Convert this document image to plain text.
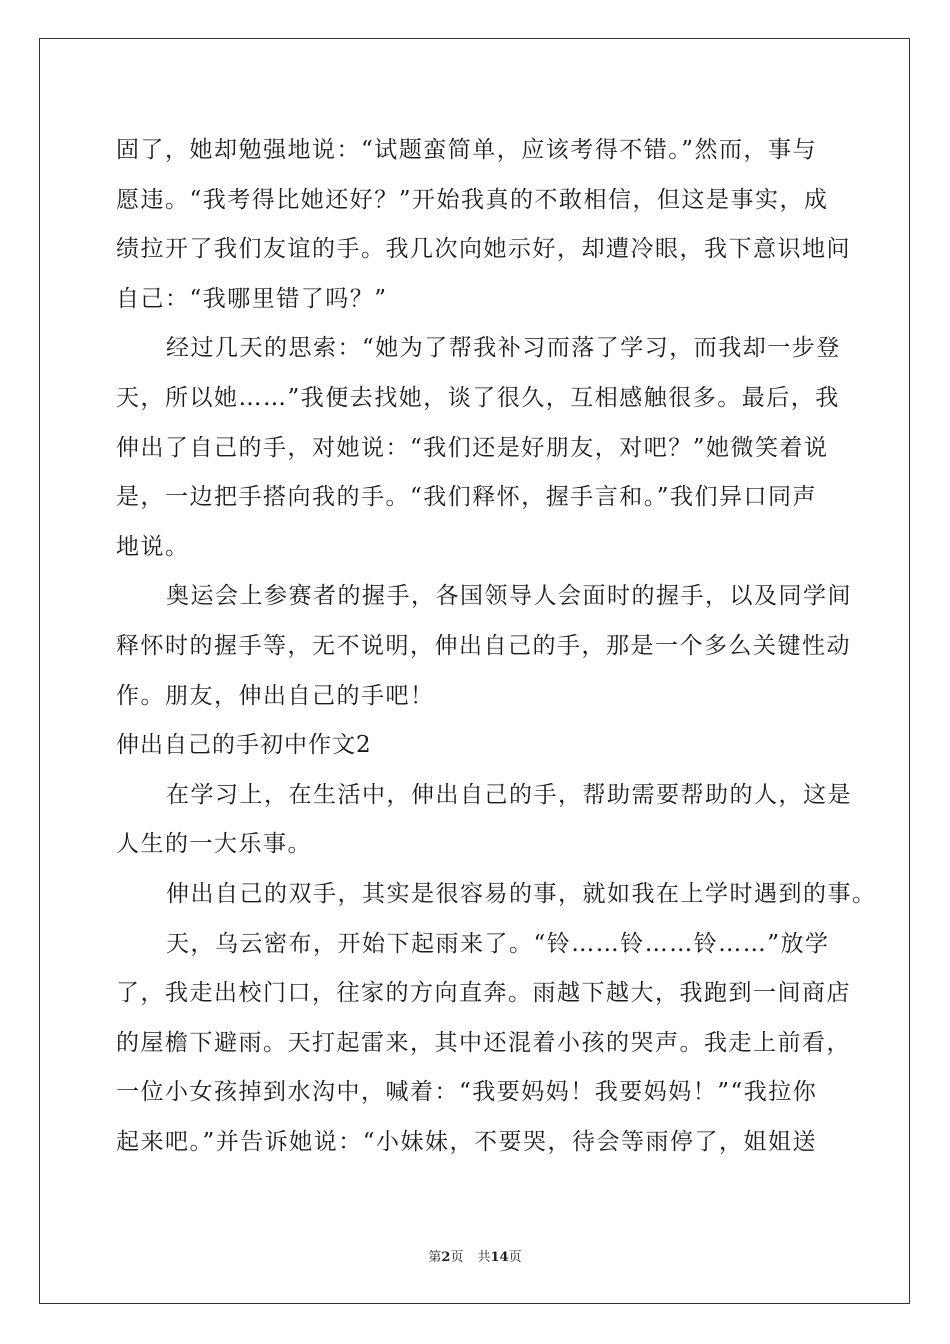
固了，她却勉强地说：“试题蛮简单，应该考得不错。”然而，事与
愿违。“我考得比她还好？”开始我真的不敢相信，但这是事实，成
绩拉开了我们友谊的手。我几次向她示好，却遭冷眼，我下意识地问
自己：“我哪里错了吗？”
经过几天的思索：“她为了帮我补习而落了学习，而我却一步登
天，所以她……”我便去找她，谈了很久，互相感触很多。最后，我
伸出了自己的手，对她说：“我们还是好朋友，对吧？”她微笑着说
是，一边把手搭向我的手。“我们释怀，握手言和。”我们异口同声
地说。
奥运会上参赛者的握手，各国领导人会面时的握手，以及同学间
释怀时的握手等，无不说明，伸出自己的手，那是一个多么关键性动
作。朋友，伸出自己的手吧！
伸出自己的手初中作文2
在学习上，在生活中，伸出自己的手，帮助需要帮助的人，这是
人生的一大乐事。
伸出自己的双手，其实是很容易的事，就如我在上学时遇到的事。
天，乌云密布，开始下起雨来了。“铃……铃……铃……”放学
了，我走出校门口，往家的方向直奔。雨越下越大，我跑到一间商店
的屋檐下避雨。天打起雷来，其中还混着小孩的哭声。我走上前看，
一位小女孩掉到水沟中，喊着：“我要妈妈！我要妈妈！”“我拉你
起来吧。”并告诉她说：“小妹妹，不要哭，待会等雨停了，姐姐送
第2页 共14页
